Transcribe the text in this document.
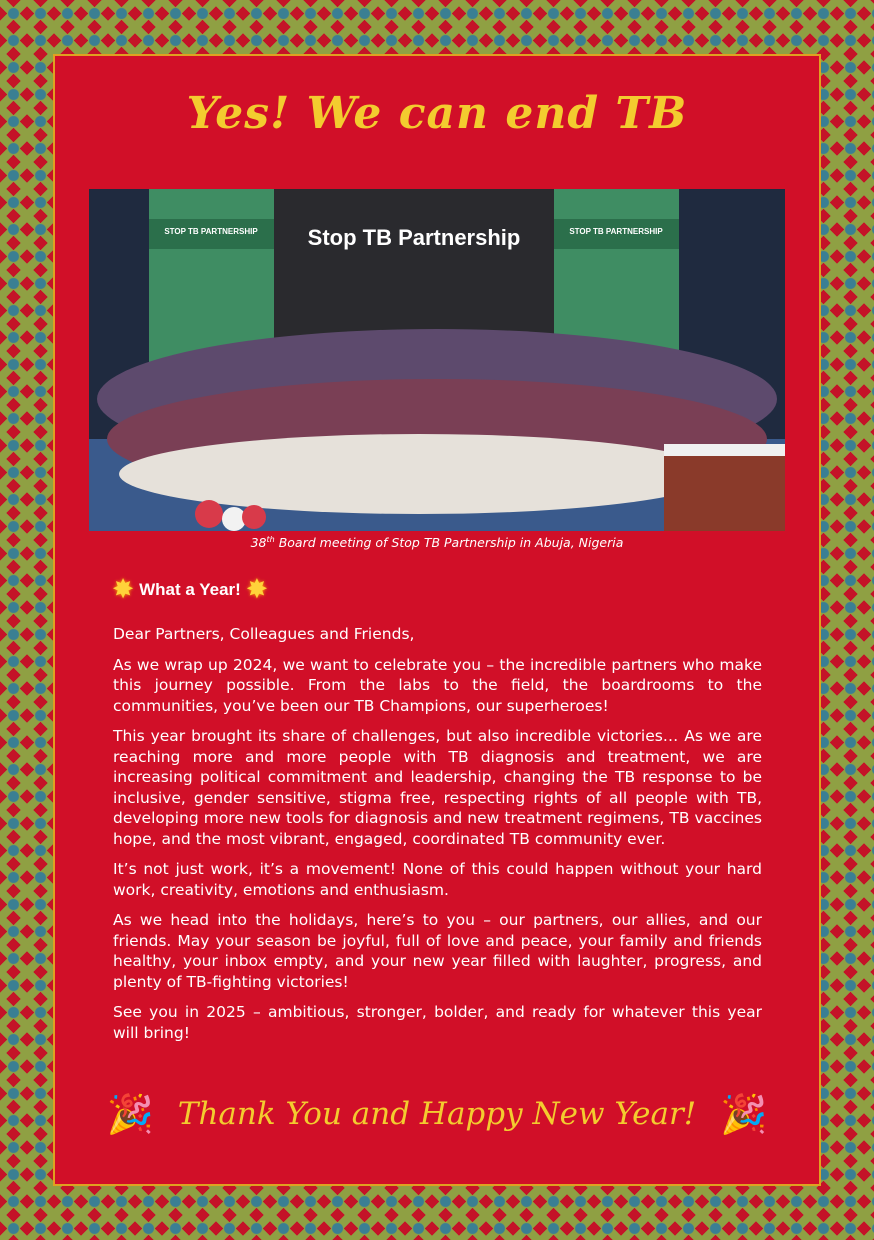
Yes! We can end TB
STOP TB PARTNERSHIP	STOP TB PARTNERSHIP
Stop TB Partnership
38th Board meeting of Stop TB Partnership in Abuja, Nigeria
✸ What a Year! ✸

Dear Partners, Colleagues and Friends,

As we wrap up 2024, we want to celebrate you – the incredible partners who make this journey possible. From the labs to the field, the boardrooms to the communities, you’ve been our TB Champions, our superheroes!

This year brought its share of challenges, but also incredible victories… As we are reaching more and more people with TB diagnosis and treatment, we are increasing political commitment and leadership, changing the TB response to be inclusive, gender sensitive, stigma free, respecting rights of all people with TB, developing more new tools for diagnosis and new treatment regimens, TB vaccines hope, and the most vibrant, engaged, coordinated TB community ever.

It’s not just work, it’s a movement! None of this could happen without your hard work, creativity, emotions and enthusiasm.

As we head into the holidays, here’s to you – our partners, our allies, and our friends. May your season be joyful, full of love and peace, your family and friends healthy, your inbox empty, and your new year filled with laughter, progress, and plenty of TB-fighting victories!

See you in 2025 – ambitious, stronger, bolder, and ready for whatever this year will bring!

🎉 Thank You and Happy New Year! 🎉
